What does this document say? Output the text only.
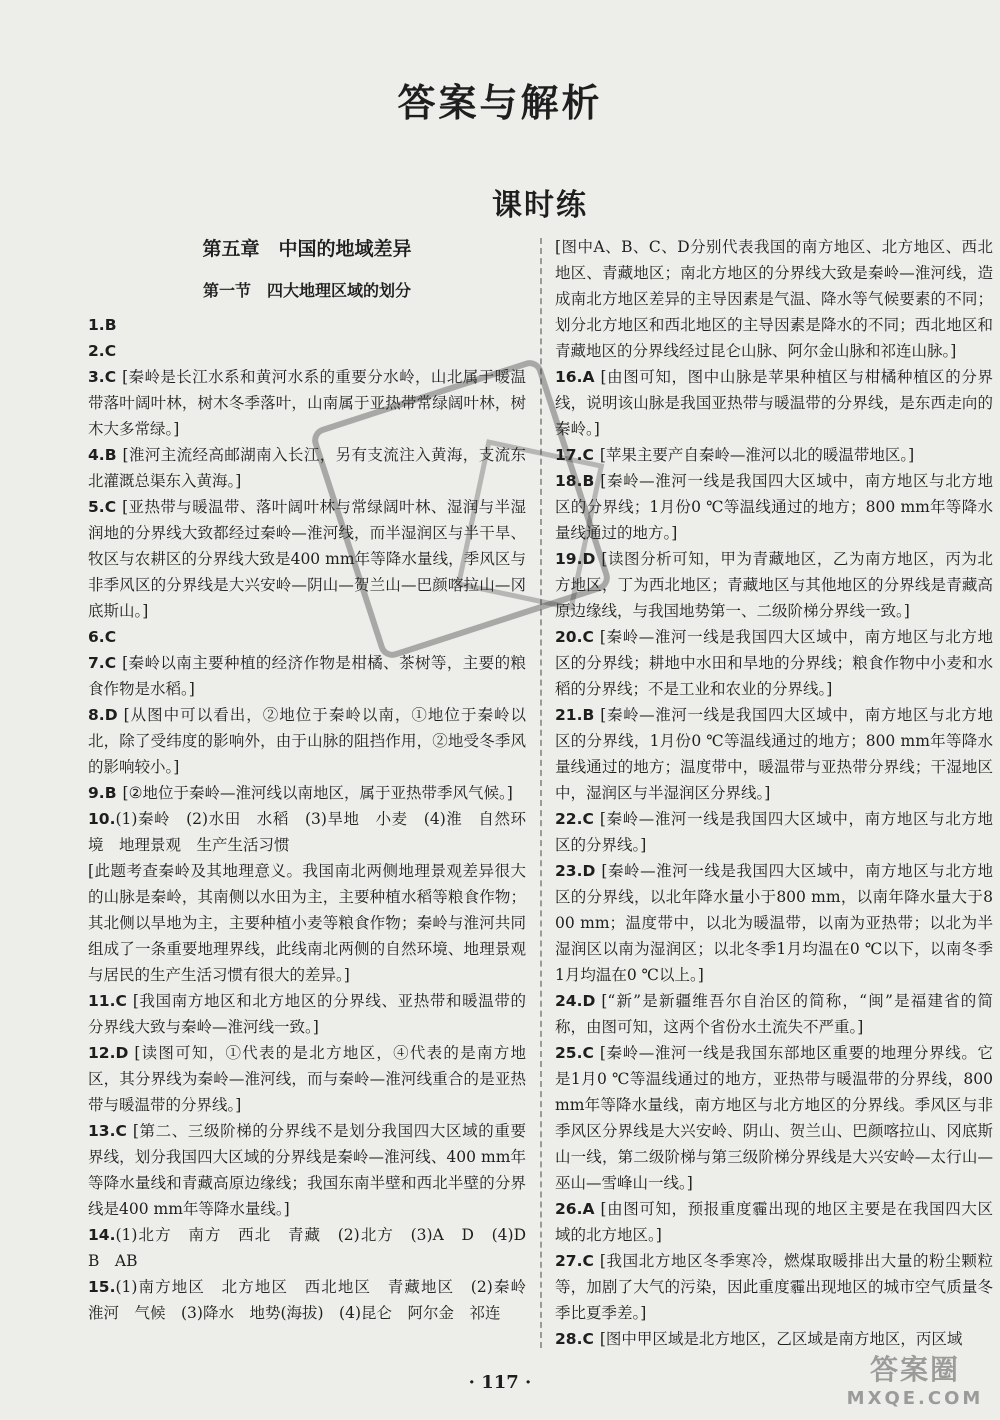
答案与解析
课时练
第五章　中国的地域差异
第一节　四大地理区域的划分

1.B

2.C

3.C [秦岭是长江水系和黄河水系的重要分水岭，山北属于暖温带落叶阔叶林，树木冬季落叶，山南属于亚热带常绿阔叶林，树木大多常绿。]

4.B [淮河主流经高邮湖南入长江，另有支流注入黄海，支流东北灌溉总渠东入黄海。]

5.C [亚热带与暖温带、落叶阔叶林与常绿阔叶林、湿润与半湿润地的分界线大致都经过秦岭—淮河线，而半湿润区与半干旱、牧区与农耕区的分界线大致是400 mm年等降水量线，季风区与非季风区的分界线是大兴安岭—阴山—贺兰山—巴颜喀拉山—冈底斯山。]

6.C

7.C [秦岭以南主要种植的经济作物是柑橘、茶树等，主要的粮食作物是水稻。]

8.D [从图中可以看出，②地位于秦岭以南，①地位于秦岭以北，除了受纬度的影响外，由于山脉的阻挡作用，②地受冬季风的影响较小。]

9.B [②地位于秦岭—淮河线以南地区，属于亚热带季风气候。]

10.(1)秦岭　(2)水田　水稻　(3)旱地　小麦　(4)淮　自然环境　地理景观　生产生活习惯

[此题考查秦岭及其地理意义。我国南北两侧地理景观差异很大的山脉是秦岭，其南侧以水田为主，主要种植水稻等粮食作物；其北侧以旱地为主，主要种植小麦等粮食作物；秦岭与淮河共同组成了一条重要地理界线，此线南北两侧的自然环境、地理景观与居民的生产生活习惯有很大的差异。]

11.C [我国南方地区和北方地区的分界线、亚热带和暖温带的分界线大致与秦岭—淮河线一致。]

12.D [读图可知，①代表的是北方地区，④代表的是南方地区，其分界线为秦岭—淮河线，而与秦岭—淮河线重合的是亚热带与暖温带的分界线。]

13.C [第二、三级阶梯的分界线不是划分我国四大区域的重要界线，划分我国四大区域的分界线是秦岭—淮河线、400 mm年等降水量线和青藏高原边缘线；我国东南半壁和西北半壁的分界线是400 mm年等降水量线。]

14.(1)北方　南方　西北　青藏　(2)北方　(3)A　D　(4)D　B　AB

15.(1)南方地区　北方地区　西北地区　青藏地区　(2)秦岭　淮河　气候　(3)降水　地势(海拔)　(4)昆仑　阿尔金　祁连

[图中A、B、C、D分别代表我国的南方地区、北方地区、西北地区、青藏地区；南北方地区的分界线大致是秦岭—淮河线，造成南北方地区差异的主导因素是气温、降水等气候要素的不同；划分北方地区和西北地区的主导因素是降水的不同；西北地区和青藏地区的分界线经过昆仑山脉、阿尔金山脉和祁连山脉。]

16.A [由图可知，图中山脉是苹果种植区与柑橘种植区的分界线，说明该山脉是我国亚热带与暖温带的分界线，是东西走向的秦岭。]

17.C [苹果主要产自秦岭—淮河以北的暖温带地区。]

18.B [秦岭—淮河一线是我国四大区域中，南方地区与北方地区的分界线；1月份0 ℃等温线通过的地方；800 mm年等降水量线通过的地方。]

19.D [读图分析可知，甲为青藏地区，乙为南方地区，丙为北方地区，丁为西北地区；青藏地区与其他地区的分界线是青藏高原边缘线，与我国地势第一、二级阶梯分界线一致。]

20.C [秦岭—淮河一线是我国四大区域中，南方地区与北方地区的分界线；耕地中水田和旱地的分界线；粮食作物中小麦和水稻的分界线；不是工业和农业的分界线。]

21.B [秦岭—淮河一线是我国四大区域中，南方地区与北方地区的分界线，1月份0 ℃等温线通过的地方；800 mm年等降水量线通过的地方；温度带中，暖温带与亚热带分界线；干湿地区中，湿润区与半湿润区分界线。]

22.C [秦岭—淮河一线是我国四大区域中，南方地区与北方地区的分界线。]

23.D [秦岭—淮河一线是我国四大区域中，南方地区与北方地区的分界线，以北年降水量小于800 mm，以南年降水量大于800 mm；温度带中，以北为暖温带，以南为亚热带；以北为半湿润区以南为湿润区；以北冬季1月均温在0 ℃以下，以南冬季1月均温在0 ℃以上。]

24.D [“新”是新疆维吾尔自治区的简称，“闽”是福建省的简称，由图可知，这两个省份水土流失不严重。]

25.C [秦岭—淮河一线是我国东部地区重要的地理分界线。它是1月0 ℃等温线通过的地方，亚热带与暖温带的分界线，800 mm年等降水量线，南方地区与北方地区的分界线。季风区与非季风区分界线是大兴安岭、阴山、贺兰山、巴颜喀拉山、冈底斯山一线，第二级阶梯与第三级阶梯分界线是大兴安岭—太行山—巫山—雪峰山一线。]

26.A [由图可知，预报重度霾出现的地区主要是在我国四大区域的北方地区。]

27.C [我国北方地区冬季寒冷，燃煤取暖排出大量的粉尘颗粒等，加剧了大气的污染，因此重度霾出现地区的城市空气质量冬季比夏季差。]

28.C [图中甲区域是北方地区，乙区域是南方地区，丙区域

· 117 ·	答案圈
MXQE.COM
